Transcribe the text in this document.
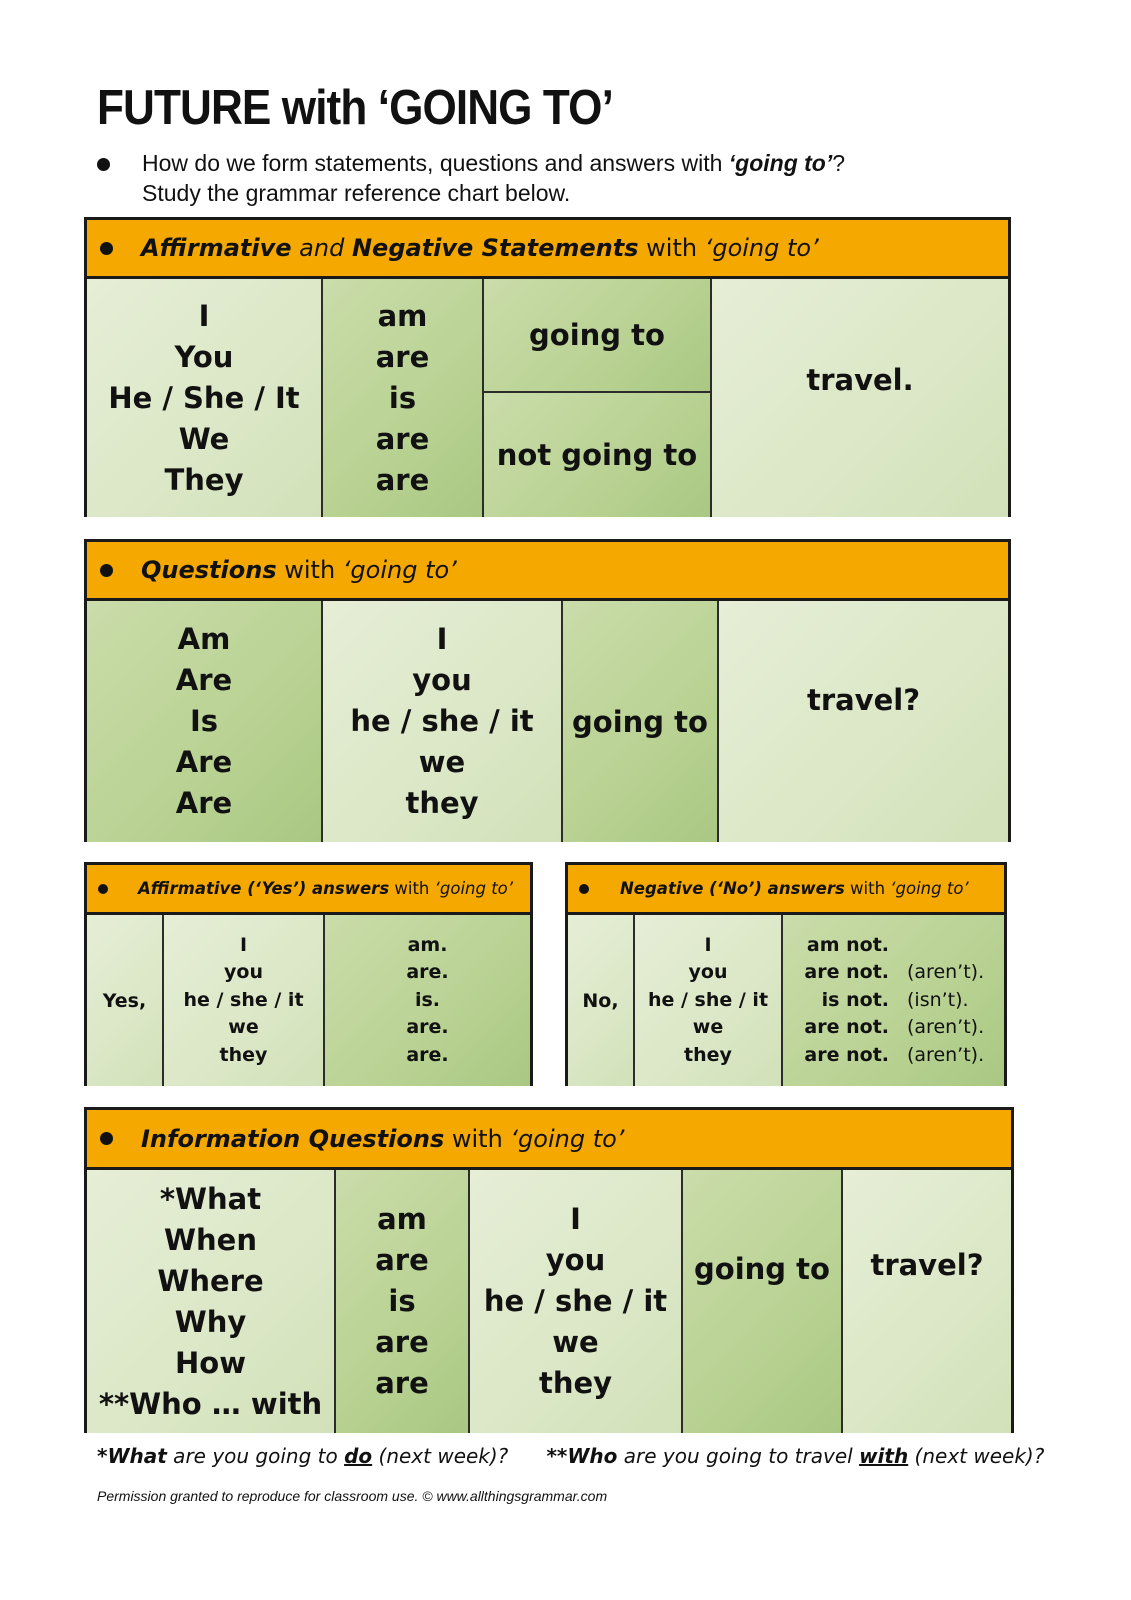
FUTURE with ‘GOING TO’
How do we form statements, questions and answers with ‘going to’?
Study the grammar reference chart below.
Affirmative and Negative Statements with ‘going to’
I
You
He / She / It
We
They
am
are
is
are
are
going to
not going to
travel.
Questions with ‘going to’
Am
Are
Is
Are
Are
I
you
he / she / it
we
they
going to
travel?
Affirmative (‘Yes’) answers with ‘going to’
Yes,
I
you
he / she / it
we
they
am.
are.
is.
are.
are.
Negative (‘No’) answers with ‘going to’
No,
I
you
he / she / it
we
they
am not.
are not. (aren’t).
is not. (isn’t).
are not. (aren’t).
are not. (aren’t).
Information Questions with ‘going to’
*What
When
Where
Why
How
**Who … with
am
are
is
are
are
I
you
he / she / it
we
they
going to	travel?
*What are you going to do (next week)?      **Who are you going to travel with (next week)?
Permission granted to reproduce for classroom use. © www.allthingsgrammar.com
